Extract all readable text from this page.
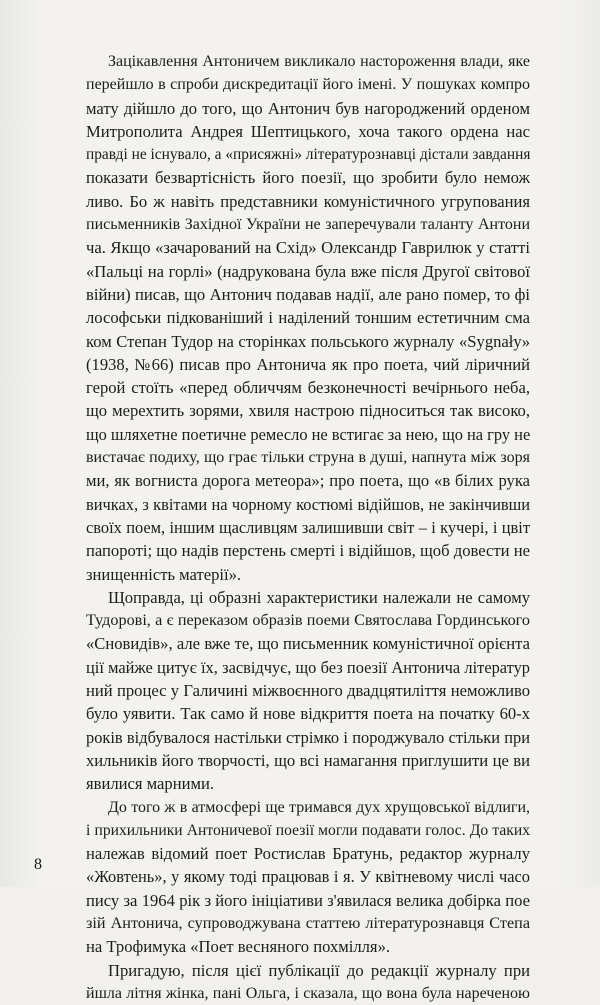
Зацікавлення Антоничем викликало настороження влади, яке
перейшло в спроби дискредитації його імені. У пошуках компро
мату дійшло до того, що Антонич був нагороджений орденом
Митрополита Андрея Шептицького, хоча такого ордена нас
правді не існувало, а «присяжні» літературознавці дістали завдання
показати безвартісність його поезії, що зробити було немож
ливо. Бо ж навіть представники комуністичного угрупования
письменників Західної України не заперечували таланту Антони
ча. Якщо «зачарований на Схід» Олександр Гаврилюк у статті
«Пальці на горлі» (надрукована була вже після Другої світової
війни) писав, що Антонич подавав надії, але рано помер, то фі
лософськи підкованіший і наділений тоншим естетичним сма
ком Степан Тудор на сторінках польського журналу «Sygnały»
(1938, №66) писав про Антонича як про поета, чий ліричний
герой стоїть «перед обличчям безконечності вечірнього неба,
що мерехтить зорями, хвиля настрою підноситься так високо,
що шляхетне поетичне ремесло не встигає за нею, що на гру не
вистачає подиху, що грає тільки струна в душі, напнута між зоря
ми, як вогниста дорога метеора»; про поета, що «в білих рука
вичках, з квітами на чорному костюмі відійшов, не закінчивши
своїх поем, іншим щасливцям залишивши світ – і кучері, і цвіт
папороті; що надів перстень смерті і відійшов, щоб довести не
знищенність матерії».
Щоправда, ці образні характеристики належали не самому
Тудорові, а є переказом образів поеми Святослава Гординського
«Сновидів», але вже те, що письменник комуністичної орієнта
ції майже цитує їх, засвідчує, що без поезії Антонича літератур
ний процес у Галичині міжвоєнного двадцятиліття неможливо
було уявити. Так само й нове відкриття поета на початку 60-х
років відбувалося настільки стрімко і породжувало стільки при
хильників його творчості, що всі намагання приглушити це ви
явилися марними.
До того ж в атмосфері ще тримався дух хрущовської відлиги,
і прихильники Антоничевої поезії могли подавати голос. До таких
належав відомий поет Ростислав Братунь, редактор журналу
«Жовтень», у якому тоді працював і я. У квітневому числі часо
пису за 1964 рік з його ініціативи з'явилася велика добірка пое
зій Антонича, супроводжувана статтею літературознавця Степа
на Трофимука «Поет весняного похмілля».
Пригадую, після цієї публікації до редакції журналу при
йшла літня жінка, пані Ольга, і сказала, що вона була нареченою
8
